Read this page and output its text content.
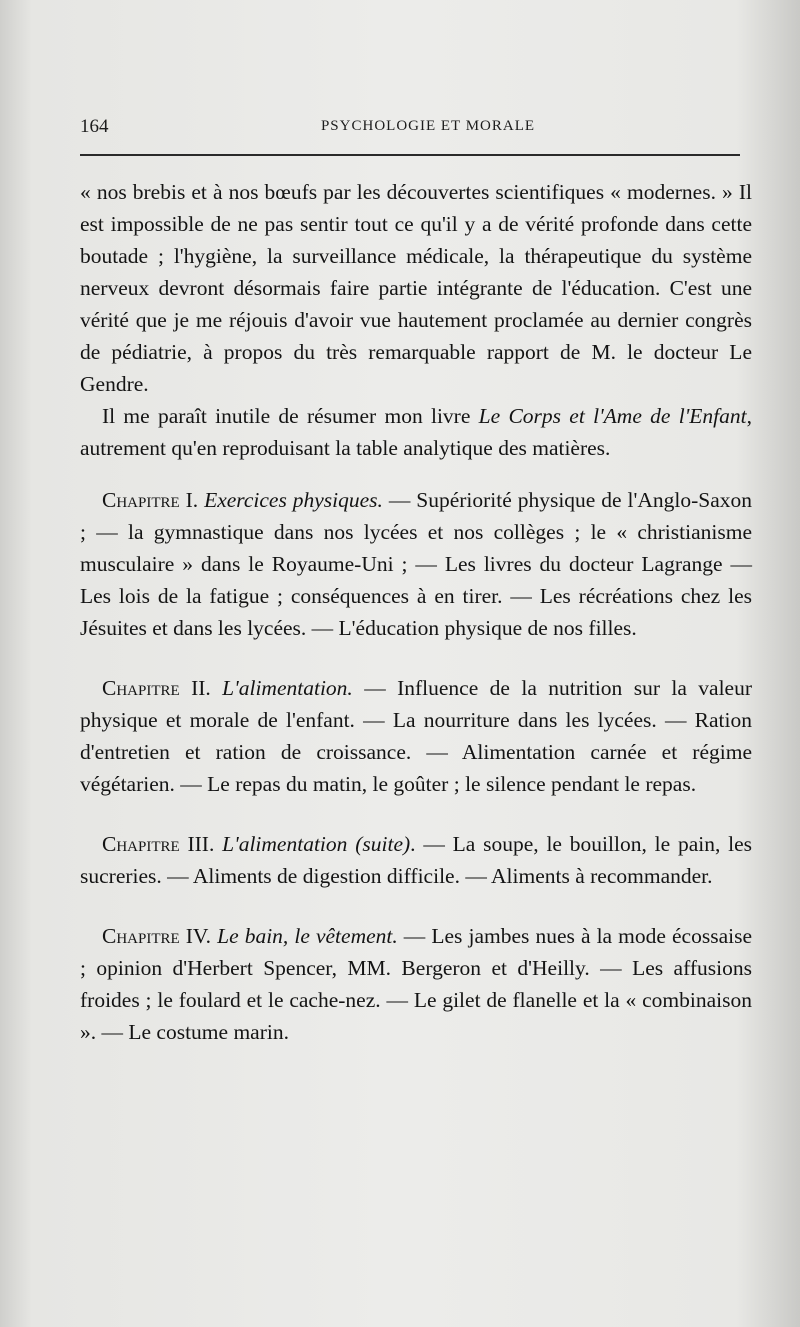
164	PSYCHOLOGIE ET MORALE

« nos brebis et à nos bœufs par les découvertes scientifiques « modernes. » Il est impossible de ne pas sentir tout ce qu'il y a de vérité profonde dans cette boutade ; l'hygiène, la surveillance médicale, la thérapeutique du système nerveux devront désormais faire partie intégrante de l'éducation. C'est une vérité que je me réjouis d'avoir vue hautement proclamée au dernier congrès de pédiatrie, à propos du très remarquable rapport de M. le docteur Le Gendre.

Il me paraît inutile de résumer mon livre Le Corps et l'Ame de l'Enfant, autrement qu'en reproduisant la table analytique des matières.

Chapitre I. Exercices physiques. — Supériorité physique de l'Anglo-Saxon ; — la gymnastique dans nos lycées et nos collèges ; le « christianisme musculaire » dans le Royaume-Uni ; — Les livres du docteur Lagrange — Les lois de la fatigue ; conséquences à en tirer. — Les récréations chez les Jésuites et dans les lycées. — L'éducation physique de nos filles.

Chapitre II. L'alimentation. — Influence de la nutrition sur la valeur physique et morale de l'enfant. — La nourriture dans les lycées. — Ration d'entretien et ration de croissance. — Alimentation carnée et régime végétarien. — Le repas du matin, le goûter ; le silence pendant le repas.

Chapitre III. L'alimentation (suite). — La soupe, le bouillon, le pain, les sucreries. — Aliments de digestion difficile. — Aliments à recommander.

Chapitre IV. Le bain, le vêtement. — Les jambes nues à la mode écossaise ; opinion d'Herbert Spencer, MM. Bergeron et d'Heilly. — Les affusions froides ; le foulard et le cache-nez. — Le gilet de flanelle et la « combinaison ». — Le costume marin.
